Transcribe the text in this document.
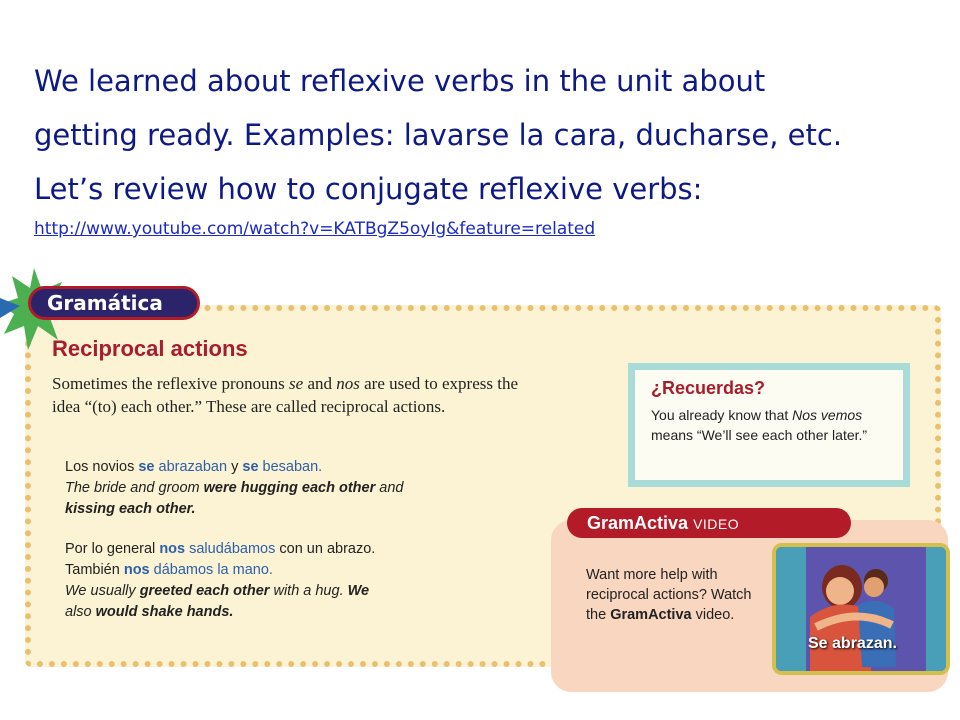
We learned about reflexive verbs in the unit about
getting ready. Examples: lavarse la cara, ducharse, etc.
Let’s review how to conjugate reflexive verbs:
http://www.youtube.com/watch?v=KATBgZ5oyIg&feature=related
Gramática
Reciprocal actions
Sometimes the reflexive pronouns se and nos are used to express the idea “(to) each other.” These are called reciprocal actions.
Los novios se abrazaban y se besaban.
The bride and groom were hugging each other and
kissing each other.
Por lo general nos saludábamos con un abrazo.
También nos dábamos la mano.
We usually greeted each other with a hug. We
also would shake hands.
¿Recuerdas?
You already know that Nos vemos means “We’ll see each other later.”
GramActiva VIDEO
Want more help with reciprocal actions? Watch the GramActiva video.
Se abrazan.
